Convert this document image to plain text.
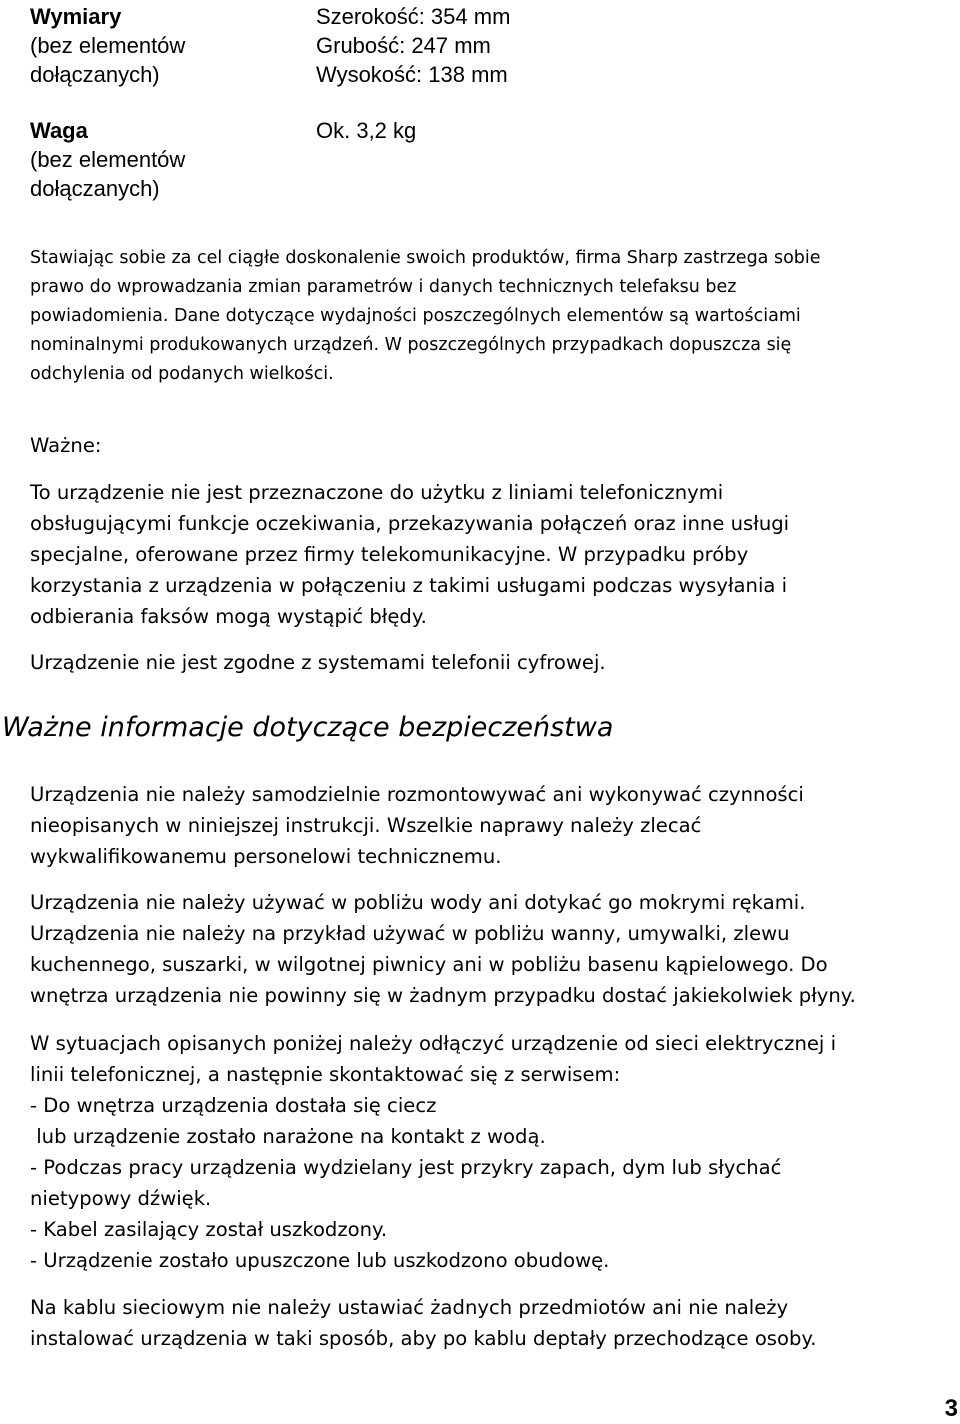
Wymiary
(bez elementów
dołączanych)
Szerokość: 354 mm
Grubość: 247 mm
Wysokość: 138 mm
Waga
(bez elementów
dołączanych)
Ok. 3,2 kg
Stawiając sobie za cel ciągłe doskonalenie swoich produktów, firma Sharp zastrzega sobie
prawo do wprowadzania zmian parametrów i danych technicznych telefaksu bez
powiadomienia. Dane dotyczące wydajności poszczególnych elementów są wartościami
nominalnymi produkowanych urządzeń. W poszczególnych przypadkach dopuszcza się
odchylenia od podanych wielkości.
Ważne:
To urządzenie nie jest przeznaczone do użytku z liniami telefonicznymi
obsługującymi funkcje oczekiwania, przekazywania połączeń oraz inne usługi
specjalne, oferowane przez firmy telekomunikacyjne. W przypadku próby
korzystania z urządzenia w połączeniu z takimi usługami podczas wysyłania i
odbierania faksów mogą wystąpić błędy.
Urządzenie nie jest zgodne z systemami telefonii cyfrowej.
Ważne informacje dotyczące bezpieczeństwa
Urządzenia nie należy samodzielnie rozmontowywać ani wykonywać czynności
nieopisanych w niniejszej instrukcji. Wszelkie naprawy należy zlecać
wykwalifikowanemu personelowi technicznemu.
Urządzenia nie należy używać w pobliżu wody ani dotykać go mokrymi rękami.
Urządzenia nie należy na przykład używać w pobliżu wanny, umywalki, zlewu
kuchennego, suszarki, w wilgotnej piwnicy ani w pobliżu basenu kąpielowego. Do
wnętrza urządzenia nie powinny się w żadnym przypadku dostać jakiekolwiek płyny.
W sytuacjach opisanych poniżej należy odłączyć urządzenie od sieci elektrycznej i
linii telefonicznej, a następnie skontaktować się z serwisem:
- Do wnętrza urządzenia dostała się ciecz
lub urządzenie zostało narażone na kontakt z wodą.
- Podczas pracy urządzenia wydzielany jest przykry zapach, dym lub słychać
nietypowy dźwięk.
- Kabel zasilający został uszkodzony.
- Urządzenie zostało upuszczone lub uszkodzono obudowę.
Na kablu sieciowym nie należy ustawiać żadnych przedmiotów ani nie należy
instalować urządzenia w taki sposób, aby po kablu deptały przechodzące osoby.
3
